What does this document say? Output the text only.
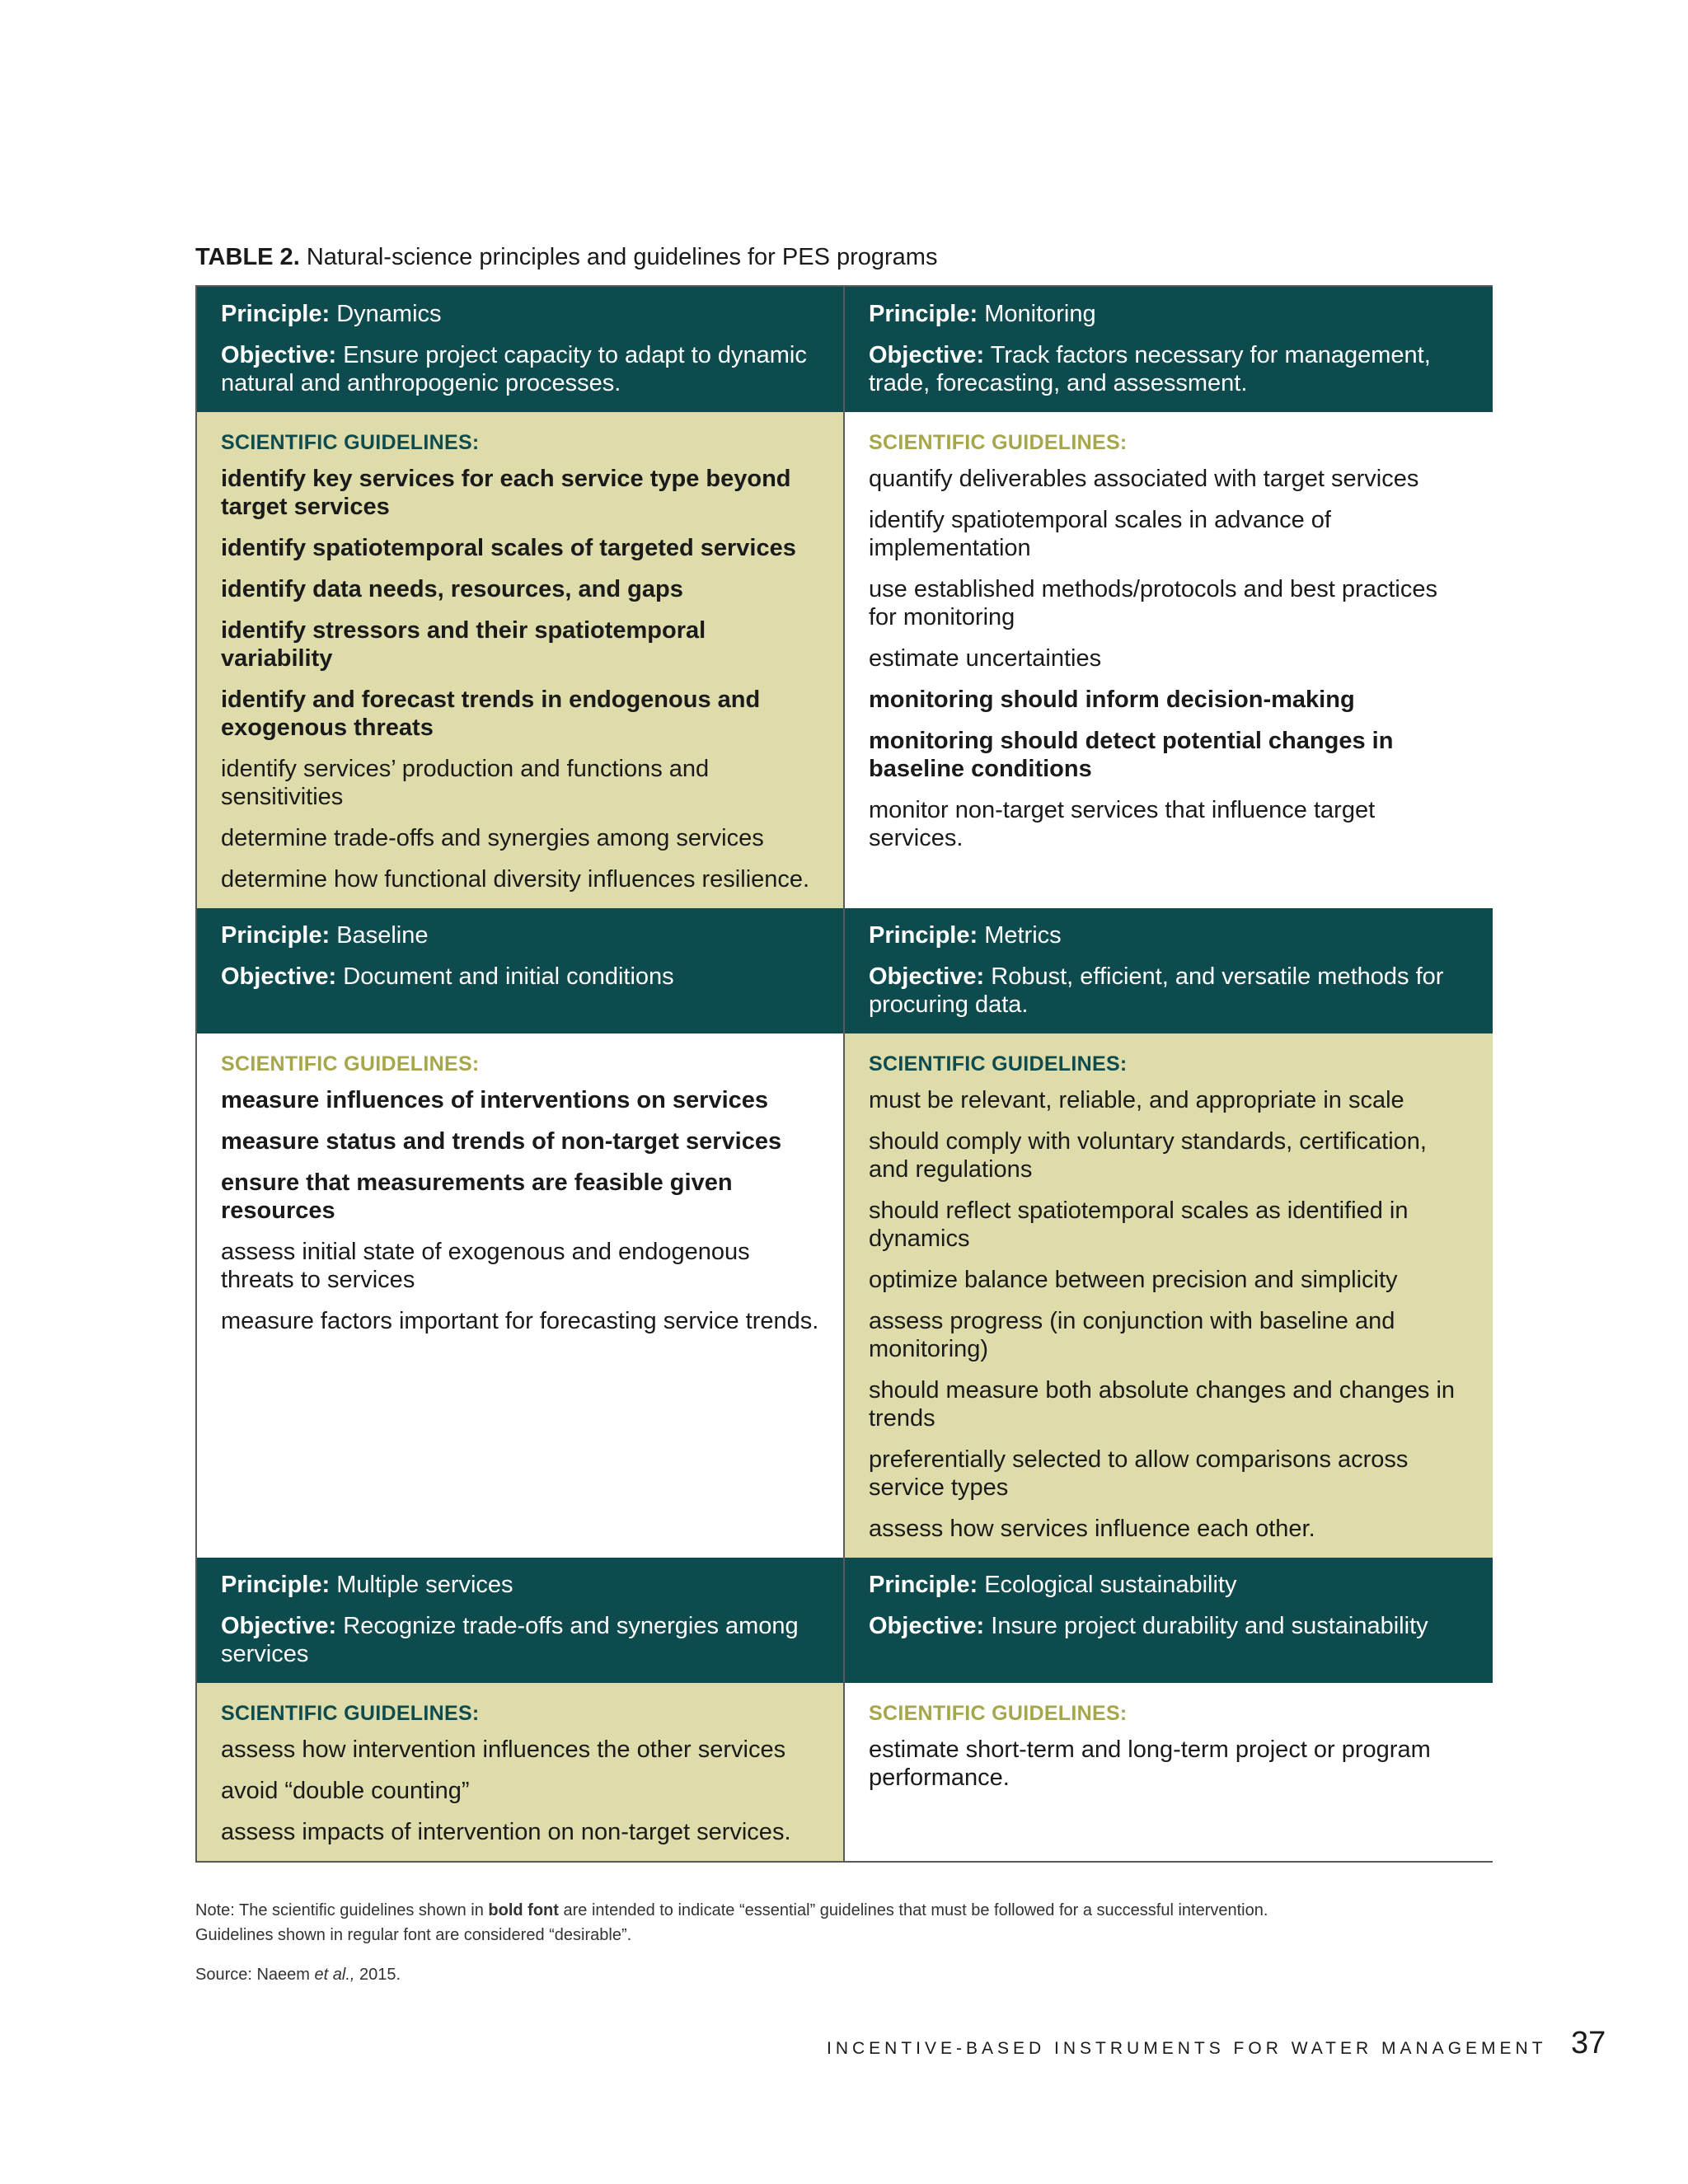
TABLE 2. Natural-science principles and guidelines for PES programs
Principle: Dynamics
Objective: Ensure project capacity to adapt to dynamic natural and anthropogenic processes.
Principle: Monitoring
Objective: Track factors necessary for management, trade, forecasting, and assessment.
SCIENTIFIC GUIDELINES:
identify key services for each service type beyond target services
identify spatiotemporal scales of targeted services
identify data needs, resources, and gaps
identify stressors and their spatiotemporal variability
identify and forecast trends in endogenous and exogenous threats
identify services’ production and functions and sensitivities
determine trade-offs and synergies among services
determine how functional diversity influences resilience.
SCIENTIFIC GUIDELINES:
quantify deliverables associated with target services
identify spatiotemporal scales in advance of implementation
use established methods/protocols and best practices for monitoring
estimate uncertainties
monitoring should inform decision-making
monitoring should detect potential changes in baseline conditions
monitor non-target services that influence target services.
Principle: Baseline
Objective: Document and initial conditions
Principle: Metrics
Objective: Robust, efficient, and versatile methods for procuring data.
SCIENTIFIC GUIDELINES:
measure influences of interventions on services
measure status and trends of non-target services
ensure that measurements are feasible given resources
assess initial state of exogenous and endogenous threats to services
measure factors important for forecasting service trends.
SCIENTIFIC GUIDELINES:
must be relevant, reliable, and appropriate in scale
should comply with voluntary standards, certification, and regulations
should reflect spatiotemporal scales as identified in dynamics
optimize balance between precision and simplicity
assess progress (in conjunction with baseline and monitoring)
should measure both absolute changes and changes in trends
preferentially selected to allow comparisons across service types
assess how services influence each other.
Principle: Multiple services
Objective: Recognize trade-offs and synergies among services
Principle: Ecological sustainability
Objective: Insure project durability and sustainability
SCIENTIFIC GUIDELINES:
assess how intervention influences the other services
avoid “double counting”
assess impacts of intervention on non-target services.
SCIENTIFIC GUIDELINES:
estimate short-term and long-term project or program performance.
Note: The scientific guidelines shown in bold font are intended to indicate “essential” guidelines that must be followed for a successful intervention.
Guidelines shown in regular font are considered “desirable”.
Source: Naeem et al., 2015.
INCENTIVE-BASED INSTRUMENTS FOR WATER MANAGEMENT 37
